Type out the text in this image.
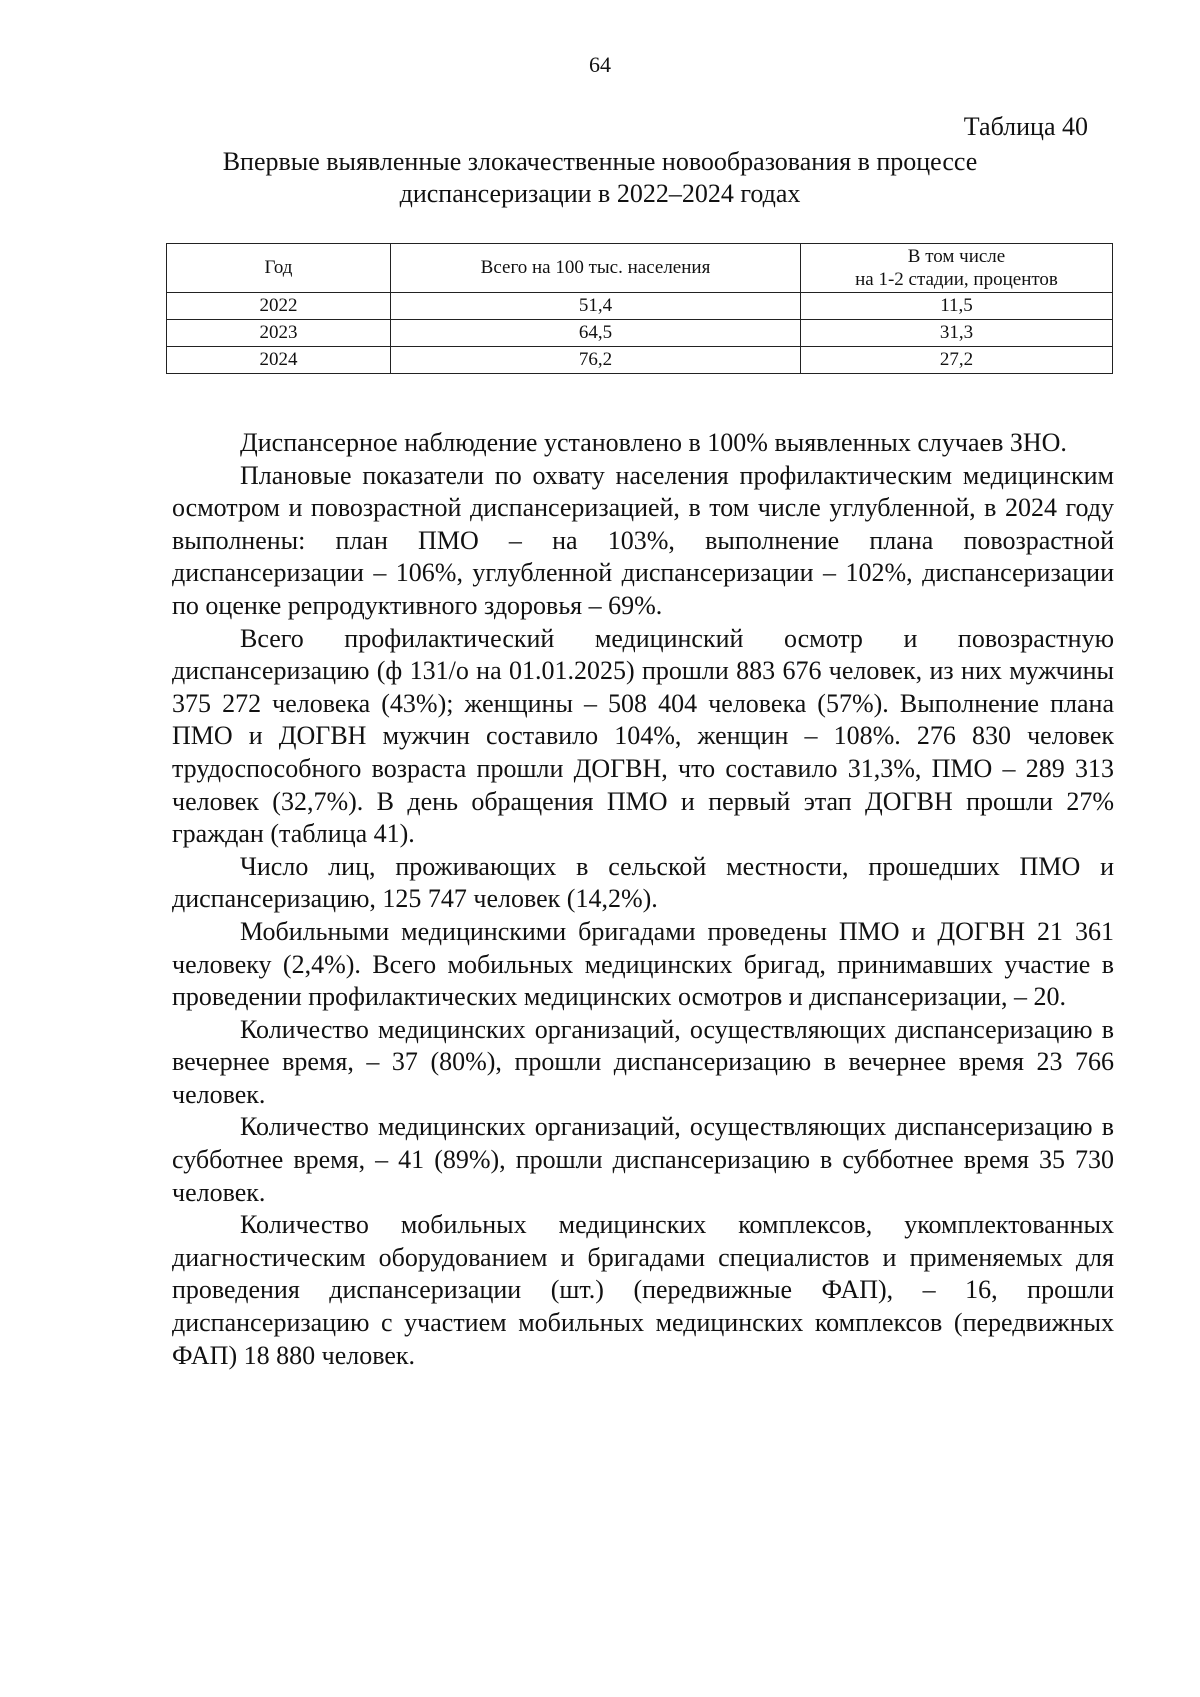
64
Таблица 40
Впервые выявленные злокачественные новообразования в процессе
диспансеризации в 2022–2024 годах
Год	Всего на 100 тыс. населения	В том числе
на 1-2 стадии, процентов

2022	51,4	11,5
2023	64,5	31,3
2024	76,2	27,2

Диспансерное наблюдение установлено в 100% выявленных случаев ЗНО.

Плановые показатели по охвату населения профилактическим медицинским осмотром и повозрастной диспансеризацией, в том числе углубленной, в 2024 году выполнены: план ПМО – на 103%, выполнение плана повозрастной диспансеризации – 106%, углубленной диспансеризации – 102%, диспансеризации по оценке репродуктивного здоровья – 69%.

Всего профилактический медицинский осмотр и повозрастную диспансеризацию (ф 131/о на 01.01.2025) прошли 883 676 человек, из них мужчины 375 272 человека (43%); женщины – 508 404 человека (57%). Выполнение плана ПМО и ДОГВН мужчин составило 104%, женщин – 108%. 276 830 человек трудоспособного возраста прошли ДОГВН, что составило 31,3%, ПМО – 289 313 человек (32,7%). В день обращения ПМО и первый этап ДОГВН прошли 27% граждан (таблица 41).

Число лиц, проживающих в сельской местности, прошедших ПМО и диспансеризацию, 125 747 человек (14,2%).

Мобильными медицинскими бригадами проведены ПМО и ДОГВН 21 361 человеку (2,4%). Всего мобильных медицинских бригад, принимавших участие в проведении профилактических медицинских осмотров и диспансеризации, – 20.

Количество медицинских организаций, осуществляющих диспансеризацию в вечернее время, – 37 (80%), прошли диспансеризацию в вечернее время 23 766 человек.

Количество медицинских организаций, осуществляющих диспансеризацию в субботнее время, – 41 (89%), прошли диспансеризацию в субботнее время 35 730 человек.

Количество мобильных медицинских комплексов, укомплектованных диагностическим оборудованием и бригадами специалистов и применяемых для проведения диспансеризации (шт.) (передвижные ФАП), – 16, прошли диспансеризацию с участием мобильных медицинских комплексов (передвижных ФАП) 18 880 человек.
